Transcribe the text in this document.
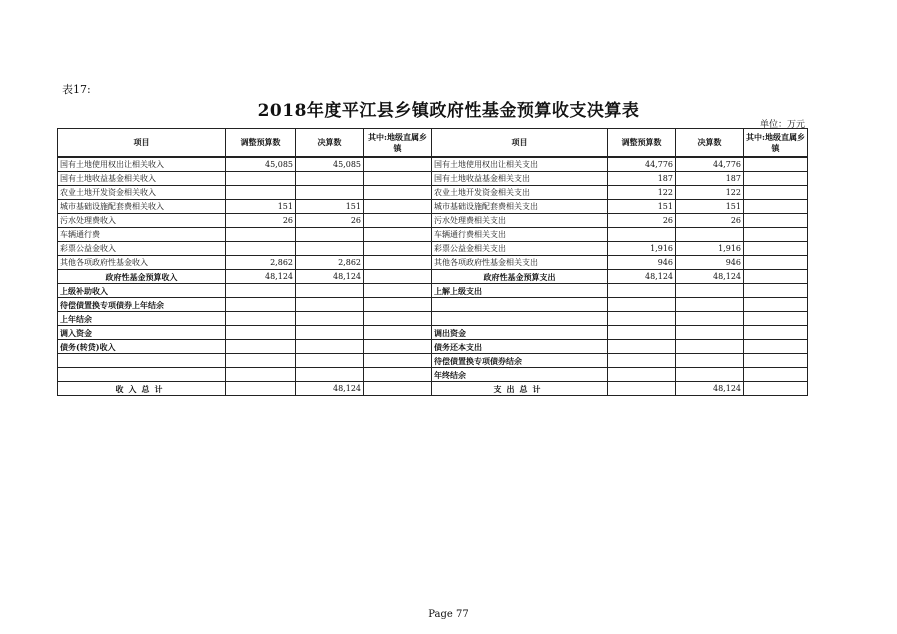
表17:
2018年度平江县乡镇政府性基金预算收支决算表
单位：万元
项目	调整预算数	决算数	其中:地级直属乡镇	项目	调整预算数	决算数	其中:地级直属乡镇
国有土地使用权出让相关收入	45,085	45,085		国有土地使用权出让相关支出	44,776	44,776	
国有土地收益基金相关收入				国有土地收益基金相关支出	187	187	
农业土地开发资金相关收入				农业土地开发资金相关支出	122	122	
城市基础设施配套费相关收入	151	151		城市基础设施配套费相关支出	151	151	
污水处理费收入	26	26		污水处理费相关支出	26	26	
车辆通行费				车辆通行费相关支出			
彩票公益金收入				彩票公益金相关支出	1,916	1,916	
其他各项政府性基金收入	2,862	2,862		其他各项政府性基金相关支出	946	946	
政府性基金预算收入	48,124	48,124		政府性基金预算支出	48,124	48,124	
上级补助收入				上解上级支出			
待偿债置换专项债券上年结余							
上年结余							
调入资金				调出资金			
债务(转贷)收入				债务还本支出			
				待偿债置换专项债券结余			
				年终结余			
收入总计		48,124		支出总计		48,124	
Page 77
